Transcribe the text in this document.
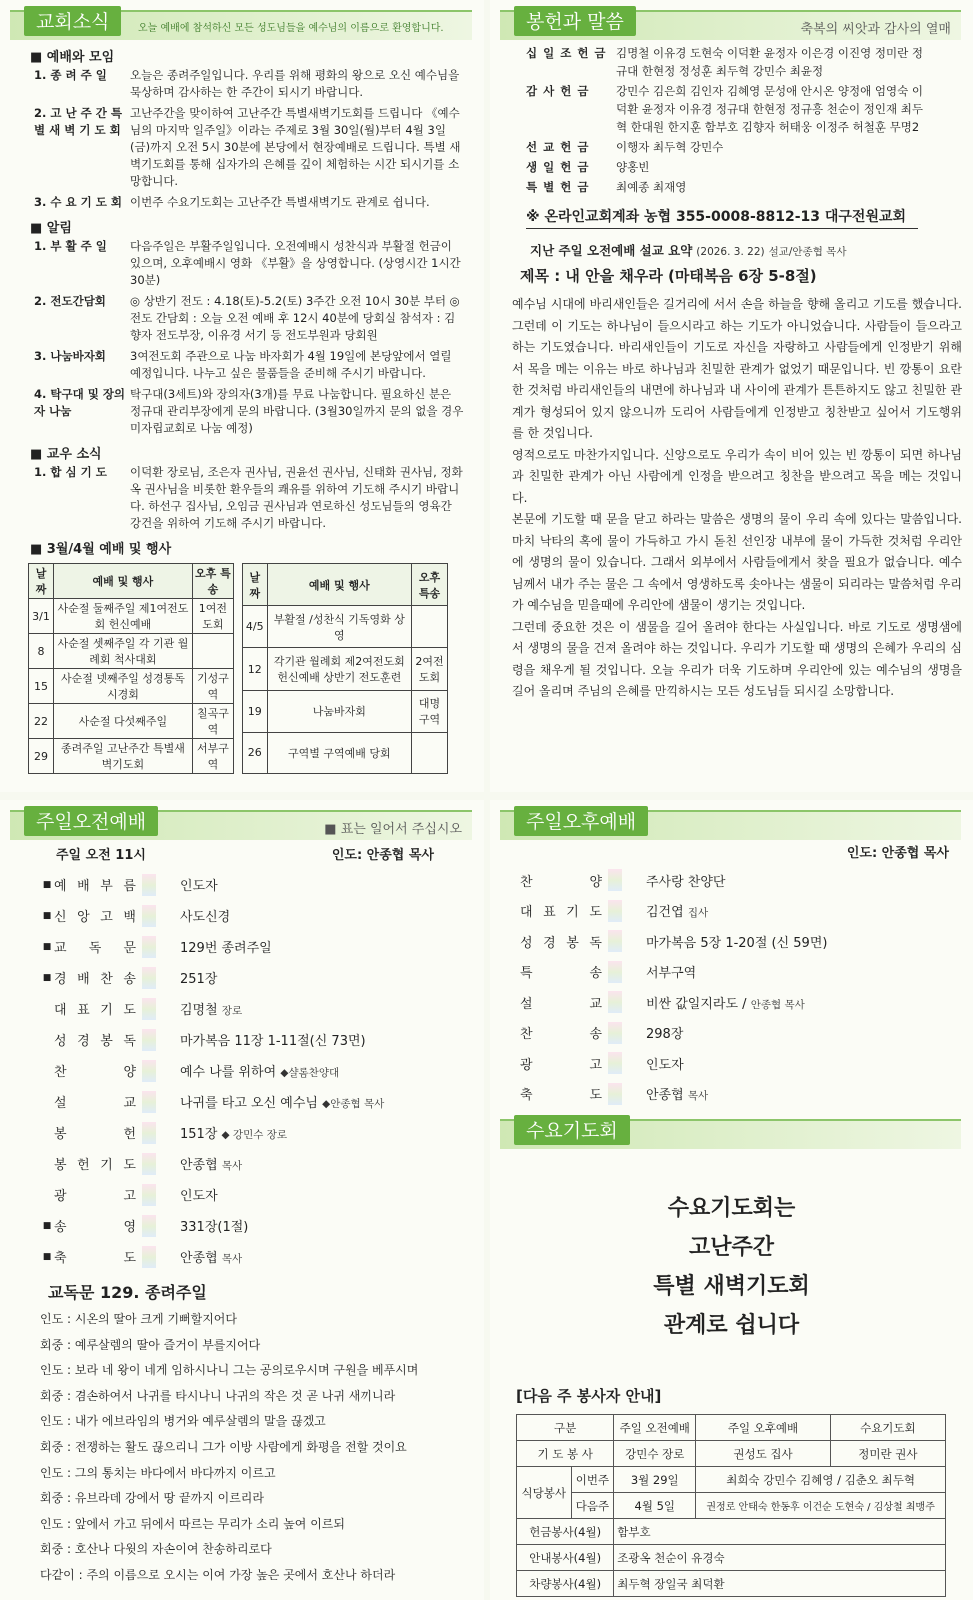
교회소식	오늘 예배에 참석하신 모든 성도님들을 예수님의 이름으로 환영합니다.
■ 예배와 모임
1. 종 려 주 일	오늘은 종려주일입니다. 우리를 위해 평화의 왕으로 오신 예수님을 묵상하며 감사하는 한 주간이 되시기 바랍니다.
2. 고 난 주 간 특 별 새 벽 기 도 회
고난주간을 맞이하여 고난주간 특별새벽기도회를 드립니다 《예수님의 마지막 일주일》이라는 주제로 3월 30일(월)부터 4월 3일(금)까지 오전 5시 30분에 본당에서 현장예배로 드립니다. 특별 새벽기도회를 통해 십자가의 은혜를 깊이 체험하는 시간 되시기를 소망합니다.
3. 수 요 기 도 회 이번주 수요기도회는 고난주간 특별새벽기도 관계로 쉽니다.
■ 알림
1. 부 활 주 일	다음주일은 부활주일입니다. 오전예배시 성찬식과 부활절 헌금이 있으며, 오후예배시 영화 《부활》을 상영합니다. (상영시간 1시간 30분)
2. 전도간담회	◎ 상반기 전도 : 4.18(토)-5.2(토) 3주간 오전 10시 30분 부터 ◎ 전도 간담회 : 오늘 오전 예배 후 12시 40분에 당회실 참석자 : 김향자 전도부장, 이유경 서기 등 전도부원과 당회원
3. 나눔바자회	3여전도회 주관으로 나눔 바자회가 4월 19일에 본당앞에서 열릴 예정입니다. 나누고 싶은 물품들을 준비해 주시기 바랍니다.
4. 탁구대 및 장의자 나눔
탁구대(3세트)와 장의자(3개)를 무료 나눔합니다. 필요하신 분은 정규대 관리부장에게 문의 바랍니다. (3월30일까지 문의 없을 경우 미자립교회로 나눔 예정)
■ 교우 소식
1. 합 심 기 도	이덕환 장로님, 조은자 권사님, 권윤선 권사님, 신태화 권사님, 정화옥 권사님을 비롯한 환우들의 쾌유를 위하여 기도해 주시기 바랍니다. 하선구 집사님, 오임금 권사님과 연로하신 성도님들의 영육간 강건을 위하여 기도해 주시기 바랍니다.
■ 3월/4월 예배 및 행사
날짜	예배 및 행사	오후 특송
3/1	사순절 둘째주일 제1여전도회 헌신예배	1여전도회
8	사순절 셋째주일 각 기관 월례회 척사대회	
15	사순절 넷째주일 성경통독 시경회	기성구역
22	사순절 다섯째주일	칠곡구역
29	종려주일 고난주간 특별새벽기도회	서부구역
날짜	예배 및 행사	오후 특송
4/5	부활절 /성찬식 기독영화 상영	
12	각기관 월례회 제2여전도회 헌신예배 상반기 전도훈련	2여전도회
19	나눔바자회	대명구역
26	구역별 구역예배 당회	
봉헌과 말씀	축복의 씨앗과 감사의 열매
십일조헌금 김명철 이유경 도현숙 이덕환 윤정자 이은경 이진영 정미란 정규대 한현정 정성훈 최두혁 강민수 최윤정
감사헌금	강민수 김은희 김인자 김혜영 문성애 안시온 양정애 엄영숙 이덕환 윤정자 이유경 정규대 한현정 정규흥 천순이 정인재 최두혁 한대원 한지훈 함부호 김향자 허태웅 이정주 허철훈 무명2
선교헌금	이행자 최두혁 강민수
생일헌금	양홍빈
특별헌금	최예종 최재영
※ 온라인교회계좌 농협 355-0008-8812-13 대구전원교회
지난 주일 오전예배 설교 요약 (2026. 3. 22) 설교/안종협 목사
제목 : 내 안을 채우라 (마태복음 6장 5-8절)

예수님 시대에 바리새인들은 길거리에 서서 손을 하늘을 향해 올리고 기도를 했습니다. 그런데 이 기도는 하나님이 들으시라고 하는 기도가 아니었습니다. 사람들이 들으라고 하는 기도였습니다. 바리새인들이 기도로 자신을 자랑하고 사람들에게 인정받기 위해서 목을 메는 이유는 바로 하나님과 친밀한 관계가 없었기 때문입니다. 빈 깡통이 요란한 것처럼 바리새인들의 내면에 하나님과 내 사이에 관계가 튼튼하지도 않고 친밀한 관계가 형성되어 있지 않으니까 도리어 사람들에게 인정받고 칭찬받고 싶어서 기도행위를 한 것입니다.

영적으로도 마찬가지입니다. 신앙으로도 우리가 속이 비어 있는 빈 깡통이 되면 하나님과 친밀한 관계가 아닌 사람에게 인정을 받으려고 칭찬을 받으려고 목을 메는 것입니다.

본문에 기도할 때 문을 닫고 하라는 말씀은 생명의 물이 우리 속에 있다는 말씀입니다. 마치 낙타의 혹에 물이 가득하고 가시 돋친 선인장 내부에 물이 가득한 것처럼 우리안에 생명의 물이 있습니다. 그래서 외부에서 사람들에게서 찾을 필요가 없습니다. 예수님께서 내가 주는 물은 그 속에서 영생하도록 솟아나는 샘물이 되리라는 말씀처럼 우리가 예수님을 믿을때에 우리안에 샘물이 생기는 것입니다.

그런데 중요한 것은 이 샘물을 길어 올려야 한다는 사실입니다. 바로 기도로 생명샘에서 생명의 물을 건져 올려야 하는 것입니다. 우리가 기도할 때 생명의 은혜가 우리의 심령을 채우게 될 것입니다. 오늘 우리가 더욱 기도하며 우리안에 있는 예수님의 생명을 길어 올리며 주님의 은혜를 만끽하시는 모든 성도님들 되시길 소망합니다.

주일오전예배	■ 표는 일어서 주십시오
주일 오전 11시	인도: 안종협 목사
■ 예 배 부 름	인도자
■ 신 앙 고 백	사도신경
■ 교 독 문	129번 종려주일
■ 경 배 찬 송	251장
대 표 기 도	김명철 장로
성 경 봉 독	마가복음 11장 1-11절(신 73면)
찬	양	예수 나를 위하여 ◆샬롬찬양대
설	교	나귀를 타고 오신 예수님 ◆안종협 목사
봉	헌	151장 ◆ 강민수 장로
봉 헌 기 도	안종협 목사
광	고	인도자
■ 송	영	331장(1절)
■ 축	도	안종협 목사
교독문 129. 종려주일
인도 : 시온의 딸아 크게 기뻐할지어다
회중 : 예루살렘의 딸아 즐거이 부를지어다
인도 : 보라 네 왕이 네게 임하시나니 그는 공의로우시며 구원을 베푸시며
회중 : 겸손하여서 나귀를 타시나니 나귀의 작은 것 곧 나귀 새끼니라
인도 : 내가 에브라임의 병거와 예루살렘의 말을 끊겠고
회중 : 전쟁하는 활도 끊으리니 그가 이방 사람에게 화평을 전할 것이요
인도 : 그의 통치는 바다에서 바다까지 이르고
회중 : 유브라데 강에서 땅 끝까지 이르리라
인도 : 앞에서 가고 뒤에서 따르는 무리가 소리 높여 이르되
회중 : 호산나 다윗의 자손이여 찬송하리로다
다같이 : 주의 이름으로 오시는 이여 가장 높은 곳에서 호산나 하더라
주일오후예배
인도: 안종협 목사
찬	양	주사랑 찬양단
대 표 기 도	김건엽 집사
성 경 봉 독	마가복음 5장 1-20절 (신 59면)
특	송	서부구역
설	교	비싼 값일지라도 / 안종협 목사
찬	송	298장
광	고	인도자
축	도	안종협 목사
수요기도회
수요기도회는
고난주간
특별 새벽기도회
관계로 쉽니다
[다음 주 봉사자 안내]
구분		주일 오전예배	주일 오후예배	수요기도회
기 도 봉 사		강민수 장로	권성도 집사	정미란 권사
식당봉사	이번주	3월 29일	최희숙 강민수 김혜영 / 김춘오 최두혁	
	다음주	4월 5일	권정로 안태숙 한동후 이건순 도현숙 / 김상철 최맹주	
헌금봉사(4월)		함부호		
안내봉사(4월)		조광옥 천순이 유경숙		
차량봉사(4월)		최두혁 장일국 최덕환		
